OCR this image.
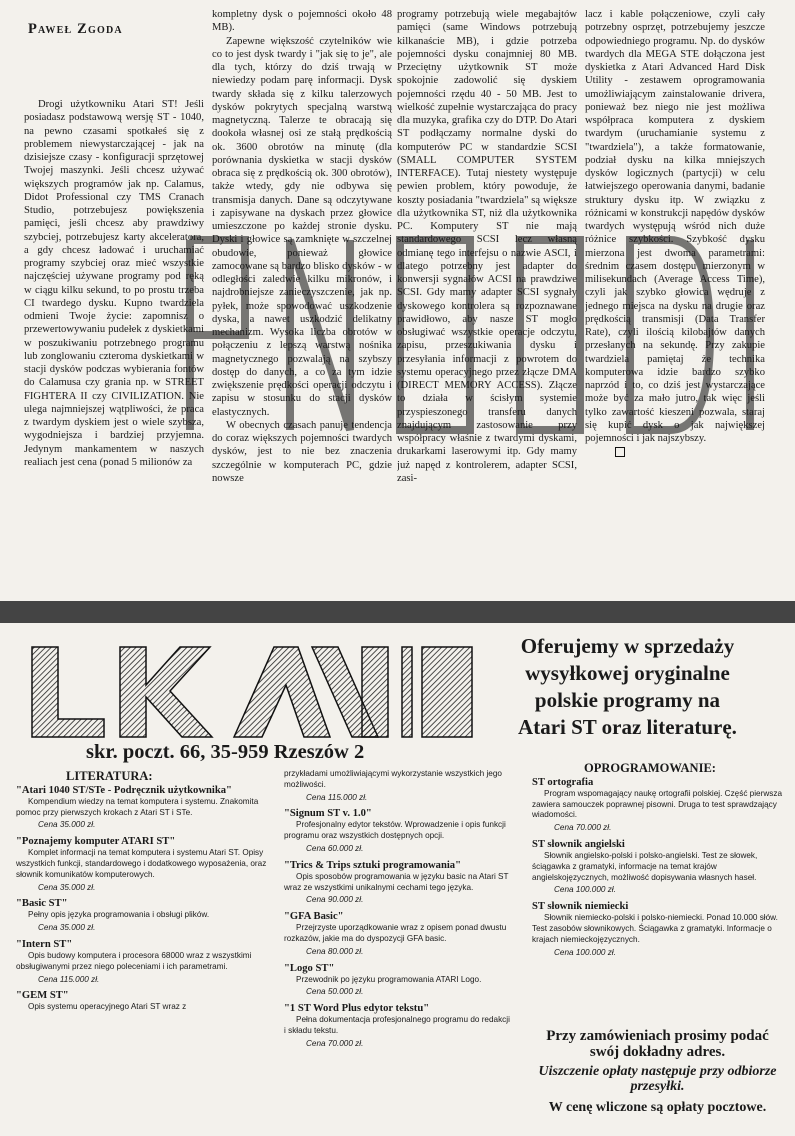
Paweł Zgoda

Drogi użytkowniku Atari ST! Jeśli posiadasz podstawową wersję ST - 1040, na pewno czasami spotkałeś się z problemem niewystarczającej - jak na dzisiejsze czasy - konfiguracji sprzętowej Twojej maszynki. Jeśli chcesz używać większych programów jak np. Calamus, Didot Professional czy TMS Cranach Studio, potrzebujesz powiększenia pamięci, jeśli chcesz aby prawdziwy szybciej, potrzebujesz karty akceleratora, a gdy chcesz ładować i uruchamiać programy szybciej oraz mieć wszystkie najczęściej używane programy pod ręką w ciągu kilku sekund, to po prostu trzeba CI twardego dysku. Kupno twardziela odmieni Twoje życie: zapomnisz o przewertowywaniu pudełek z dyskietkami w poszukiwaniu potrzebnego programu lub zonglowaniu czteroma dyskietkami w stacji dysków podczas wybierania fontów do Calamusa czy grania np. w STREET FIGHTERA II czy CIVILIZATION. Nie ulega najmniejszej wątpliwości, że praca z twardym dyskiem jest o wiele szybsza, wygodniejsza i bardziej przyjemna. Jedynym mankamentem w naszych realiach jest cena (ponad 5 milionów za

kompletny dysk o pojemności około 48 MB).

Zapewne większość czytelników wie co to jest dysk twardy i "jak się to je", ale dla tych, którzy do dziś trwają w niewiedzy podam parę informacji. Dysk twardy składa się z kilku talerzowych dysków pokrytych specjalną warstwą magnetyczną. Talerze te obracają się dookoła własnej osi ze stałą prędkością ok. 3600 obrotów na minutę (dla porównania dyskietka w stacji dysków obraca się z prędkością ok. 300 obrotów), także wtedy, gdy nie odbywa się transmisja danych. Dane są odczytywane i zapisywane na dyskach przez głowice umieszczone po każdej stronie dysku. Dyski i głowice są zamknięte w szczelnej obudowie, ponieważ głowice zamocowane są bardzo blisko dysków - w odległości zaledwie kilku mikronów, i najdrobniejsze zanieczyszczenie, jak np. pyłek, może spowodować uszkodzenie dyska, a nawet uszkodzić delikatny mechanizm. Wysoka liczba obrotów w połączeniu z lepszą warstwą nośnika magnetycznego pozwalają na szybszy dostęp do danych, a co za tym idzie zwiększenie prędkości operacji odczytu i zapisu w stosunku do stacji dysków elastycznych.

W obecnych czasach panuje tendencja do coraz większych pojemności twardych dysków, jest to nie bez znaczenia szczególnie w komputerach PC, gdzie nowsze

programy potrzebują wiele megabajtów pamięci (same Windows potrzebują kilkanaście MB), i gdzie potrzeba pojemności dysku conajmniej 80 MB. Przeciętny użytkownik ST może spokojnie zadowolić się dyskiem pojemności rzędu 40 - 50 MB. Jest to wielkość zupełnie wystarczająca do pracy dla muzyka, grafika czy do DTP. Do Atari ST podłączamy normalne dyski do komputerów PC w standardzie SCSI (SMALL COMPUTER SYSTEM INTERFACE). Tutaj niestety występuje pewien problem, który powoduje, że koszty posiadania "twardziela" są większe dla użytkownika ST, niż dla użytkownika PC. Komputery ST nie mają standardowego SCSI lecz własną odmianę tego interfejsu o nazwie ASCI, i dlatego potrzebny jest adapter do konwersji sygnałów ACSI na prawdziwe SCSI. Gdy mamy adapter SCSI sygnały dyskowego kontrolera są rozpoznawane prawidłowo, aby nasze ST mogło obsługiwać wszystkie operacje odczytu, zapisu, przeszukiwania dysku i przesyłania informacji z powrotem do systemu operacyjnego przez złącze DMA (DIRECT MEMORY ACCESS). Złącze to działa w ścisłym systemie przyspieszonego transferu danych znajdującym zastosowanie przy współpracy właśnie z twardymi dyskami, drukarkami laserowymi itp. Gdy mamy już napęd z kontrolerem, adapter SCSI, zasi-

lacz i kable połączeniowe, czyli cały potrzebny osprzęt, potrzebujemy jeszcze odpowiedniego programu. Np. do dysków twardych dla MEGA STE dołączona jest dyskietka z Atari Advanced Hard Disk Utility - zestawem oprogramowania umożliwiającym zainstalowanie drivera, ponieważ bez niego nie jest możliwa współpraca komputera z dyskiem twardym (uruchamianie systemu z "twardziela"), a także formatowanie, podział dysku na kilka mniejszych dysków logicznych (partycji) w celu łatwiejszego operowania danymi, badanie struktury dysku itp. W związku z różnicami w konstrukcji napędów dysków twardych występują wśród nich duże różnice szybkości. Szybkość dysku mierzona jest dwoma parametrami: średnim czasem dostępu mierzonym w milisekundach (Average Access Time), czyli jak szybko głowica wędruje z jednego miejsca na dysku na drugie oraz prędkością transmisji (Data Transfer Rate), czyli ilością kilobajtów danych przesłanych na sekundę. Przy zakupie twardziela pamiętaj że technika komputerowa idzie bardzo szybko naprzód i to, co dziś jest wystarczające może być za mało jutro, tak więc jeśli tylko zawartość kieszeni pozwala, staraj się kupić dysk o jak największej pojemności i jak najszybszy.

skr. poczt. 66, 35-959 Rzeszów 2
Oferujemy w sprzedaży
wysyłkowej oryginalne
polskie programy na
Atari ST oraz literaturę.
LITERATURA:
"Atari 1040 ST/STe - Podręcznik użytkownika"
Kompendium wiedzy na temat komputera i systemu. Znakomita pomoc przy pierwszych krokach z Atari ST i STe.
Cena 35.000 zł.
"Poznajemy komputer ATARI ST"
Komplet informacji na temat komputera i systemu Atari ST. Opisy wszystkich funkcji, standardowego i dodatkowego wyposażenia, oraz słownik komunikatów komputerowych.
Cena 35.000 zł.
"Basic ST"
Pełny opis języka programowania i obsługi plików.
Cena 35.000 zł.
"Intern ST"
Opis budowy komputera i procesora 68000 wraz z wszystkimi obsługiwanymi przez niego poleceniami i ich parametrami.
Cena 115.000 zł.
"GEM ST"
Opis systemu operacyjnego Atari ST wraz z
przykładami umożliwiającymi wykorzystanie wszystkich jego możliwości.
Cena 115.000 zł.
"Signum ST v. 1.0"
Profesjonalny edytor tekstów. Wprowadzenie i opis funkcji programu oraz wszystkich dostępnych opcji.
Cena 60.000 zł.
"Trics & Trips sztuki programowania"
Opis sposobów programowania w języku basic na Atari ST wraz ze wszystkimi unikalnymi cechami tego języka.
Cena 90.000 zł.
"GFA Basic"
Przejrzyste uporządkowanie wraz z opisem ponad dwustu rozkazów, jakie ma do dyspozycji GFA basic.
Cena 80.000 zł.
"Logo ST"
Przewodnik po języku programowania ATARI Logo.
Cena 50.000 zł.
"1 ST Word Plus edytor tekstu"
Pełna dokumentacja profesjonalnego programu do redakcji i składu tekstu.
Cena 70.000 zł.
OPROGRAMOWANIE:
ST ortografia
Program wspomagający naukę ortografii polskiej. Część pierwsza zawiera samouczek poprawnej pisowni. Druga to test sprawdzający wiadomości.
Cena 70.000 zł.
ST słownik angielski
Słownik angielsko-polski i polsko-angielski. Test ze słowek, ściągawka z gramatyki, informacje na temat krajów angielskojęzycznych, możliwość dopisywania własnych haseł.
Cena 100.000 zł.
ST słownik niemiecki
Słownik niemiecko-polski i polsko-niemiecki. Ponad 10.000 słów. Test zasobów słownikowych. Ściągawka z gramatyki. Informacje o krajach niemieckojęzycznych.
Cena 100.000 zł.
Przy zamówieniach prosimy podać swój dokładny adres.
Uiszczenie opłaty następuje przy odbiorze przesyłki.
W cenę wliczone są opłaty pocztowe.
